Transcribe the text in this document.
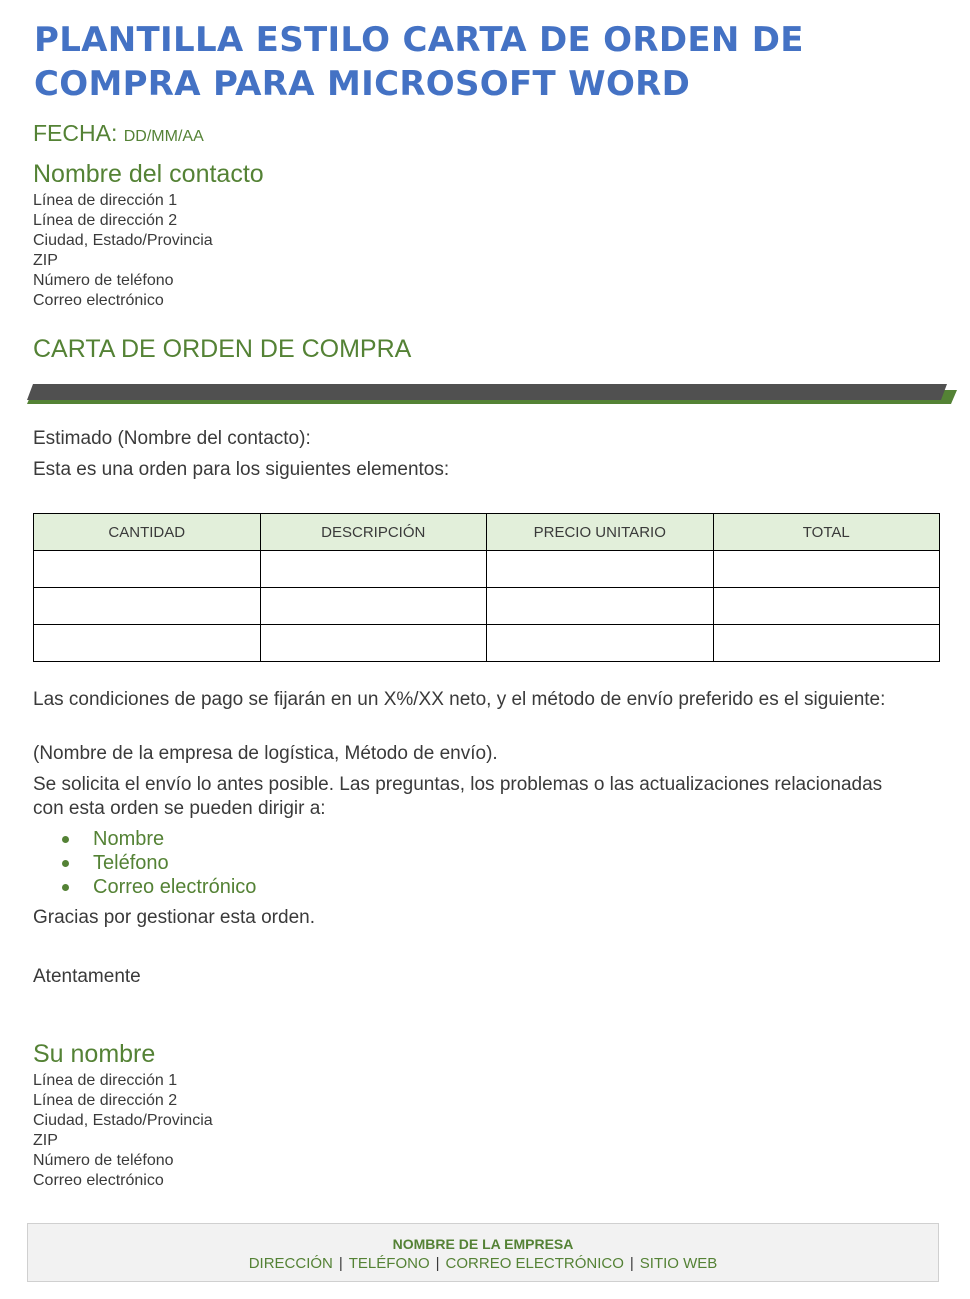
PLANTILLA ESTILO CARTA DE ORDEN DE COMPRA PARA MICROSOFT WORD
FECHA: DD/MM/AA
Nombre del contacto
Línea de dirección 1
Línea de dirección 2
Ciudad, Estado/Provincia
ZIP
Número de teléfono
Correo electrónico
CARTA DE ORDEN DE COMPRA
Estimado (Nombre del contacto):
Esta es una orden para los siguientes elementos:
CANTIDAD	DESCRIPCIÓN	PRECIO UNITARIO	TOTAL

Las condiciones de pago se fijarán en un X%/XX neto, y el método de envío preferido es el siguiente:
(Nombre de la empresa de logística, Método de envío).
Se solicita el envío lo antes posible. Las preguntas, los problemas o las actualizaciones relacionadas con esta orden se pueden dirigir a:
Nombre
Teléfono
Correo electrónico
Gracias por gestionar esta orden.
Atentamente
Su nombre
Línea de dirección 1
Línea de dirección 2
Ciudad, Estado/Provincia
ZIP
Número de teléfono
Correo electrónico
NOMBRE DE LA EMPRESA
DIRECCIÓN | TELÉFONO | CORREO ELECTRÓNICO | SITIO WEB
